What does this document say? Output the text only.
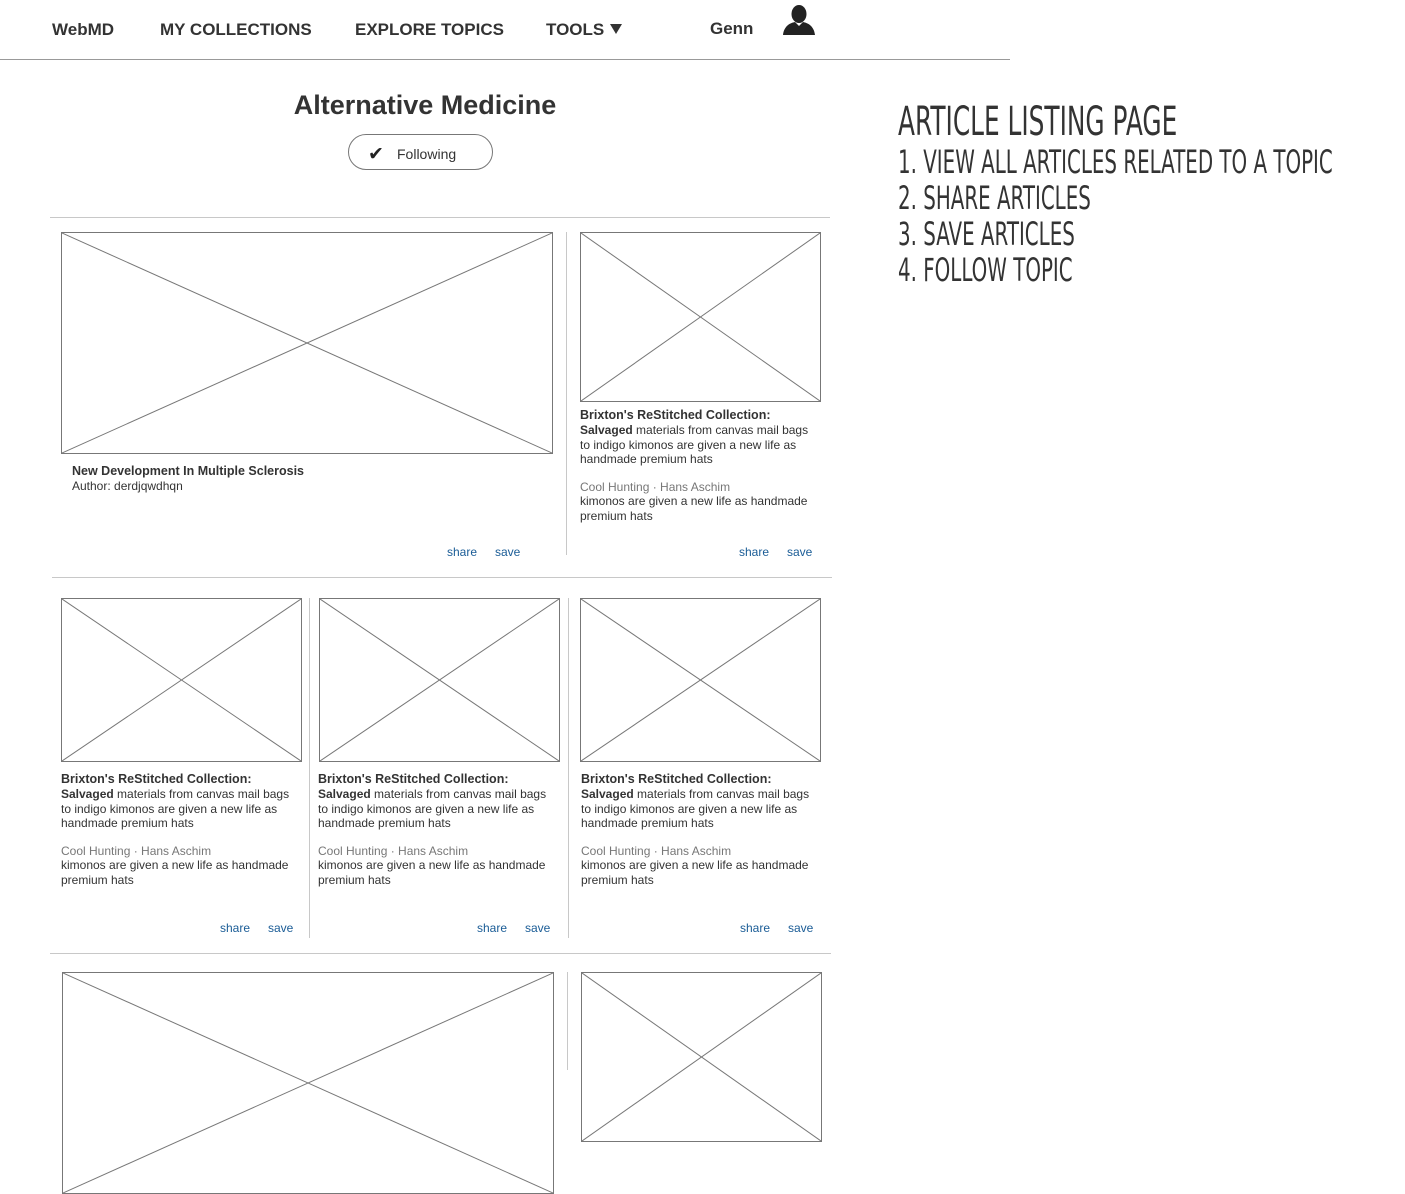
WebMD	MY COLLECTIONS	EXPLORE TOPICS TOOLS	Genn
Alternative Medicine
✔ Following
New Development In Multiple Sclerosis
Author: derdjqwdhqn
share save
Brixton's ReStitched Collection:
Salvaged materials from canvas mail bags to indigo kimonos are given a new life as handmade premium hats
Cool Hunting · Hans Aschim
kimonos are given a new life as handmade premium hats
share save
Brixton's ReStitched Collection:
Salvaged materials from canvas mail bags to indigo kimonos are given a new life as handmade premium hats
Cool Hunting · Hans Aschim
kimonos are given a new life as handmade premium hats
share save
Brixton's ReStitched Collection:
Salvaged materials from canvas mail bags to indigo kimonos are given a new life as handmade premium hats
Cool Hunting · Hans Aschim
kimonos are given a new life as handmade premium hats
share save
Brixton's ReStitched Collection:
Salvaged materials from canvas mail bags to indigo kimonos are given a new life as handmade premium hats
Cool Hunting · Hans Aschim
kimonos are given a new life as handmade premium hats
share save
ARTICLE LISTING PAGE
1. VIEW ALL ARTICLES RELATED TO A TOPIC
2. SHARE ARTICLES
3. SAVE ARTICLES
4. FOLLOW TOPIC
